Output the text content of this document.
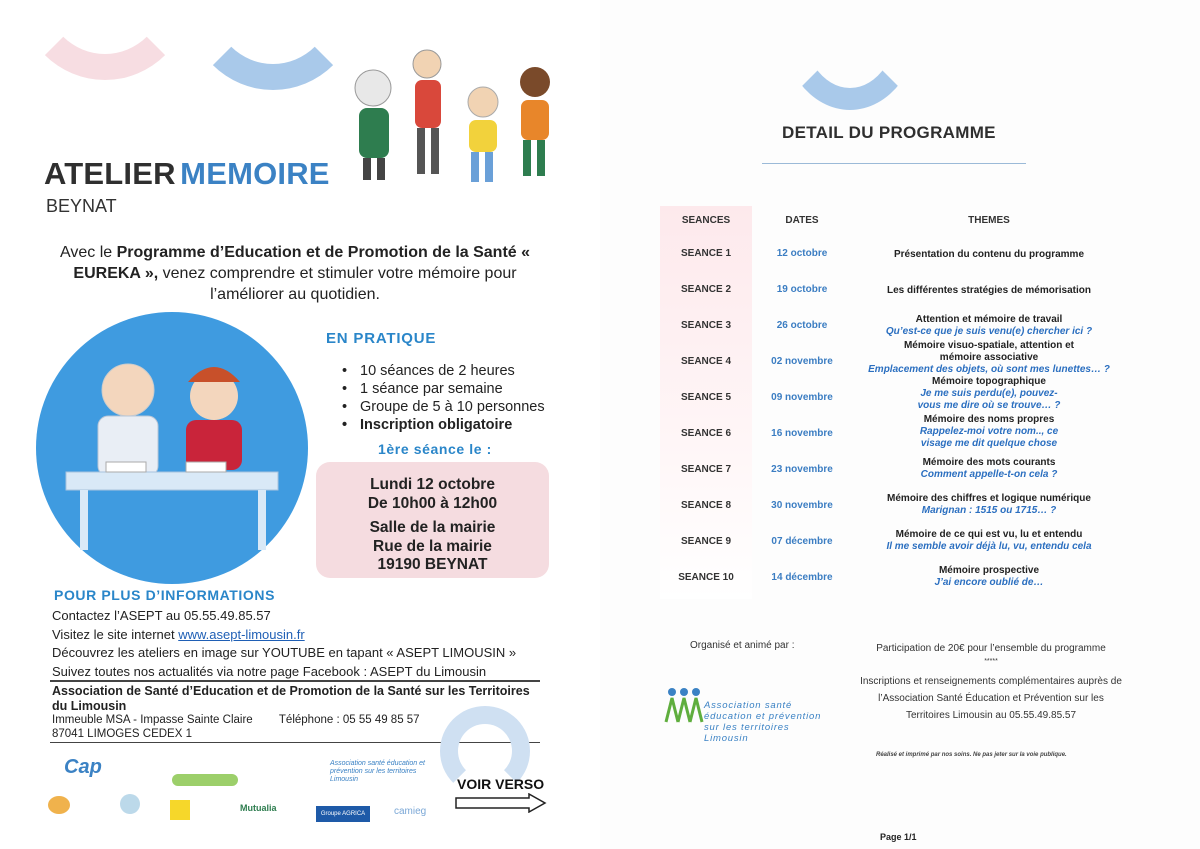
ATELIER MEMOIRE
BEYNAT
Avec le Programme d’Education et de Promotion de la Santé « EUREKA », venez comprendre et stimuler votre mémoire pour l’améliorer au quotidien.
EN PRATIQUE
• 10 séances de 2 heures
• 1 séance par semaine
• Groupe de 5 à 10 personnes
• Inscription obligatoire
1ère séance le :
Lundi 12 octobre
De 10h00 à 12h00
Salle de la mairie
Rue de la mairie
19190 BEYNAT
POUR PLUS D’INFORMATIONS
Contactez l’ASEPT au 05.55.49.85.57
Visitez le site internet www.asept-limousin.fr
Découvrez les ateliers en image sur YOUTUBE en tapant « ASEPT LIMOUSIN »
Suivez toutes nos actualités via notre page Facebook : ASEPT du Limousin
Association de Santé d’Education et de Promotion de la Santé sur les Territoires du Limousin
Immeuble MSA - Impasse Sainte Claire Téléphone : 05 55 49 85 57
87041 LIMOGES CEDEX 1
Cap
Mutualia
Association santé éducation et prévention sur les territoires Limousin
Groupe AGRICA	camieg
VOIR VERSO
DETAIL DU PROGRAMME
SEANCES	DATES	THEMES
SEANCE 1	12 octobre	Présentation du contenu du programme
SEANCE 2	19 octobre	Les différentes stratégies de mémorisation
SEANCE 3	26 octobre
Attention et mémoire de travail
Qu’est-ce que je suis venu(e) chercher ici ?
SEANCE 4	02 novembre
Mémoire visuo-spatiale, attention et mémoire associative
Emplacement des objets, où sont mes lunettes… ?
SEANCE 5	09 novembre
Mémoire topographique
Je me suis perdu(e), pouvez-vous me dire où se trouve… ?
SEANCE 6	16 novembre
Mémoire des noms propres
Rappelez-moi votre nom.., ce visage me dit quelque chose
SEANCE 7	23 novembre
Mémoire des mots courants
Comment appelle-t-on cela ?
SEANCE 8	30 novembre
Mémoire des chiffres et logique numérique
Marignan : 1515 ou 1715… ?
SEANCE 9	07 décembre
Mémoire de ce qui est vu, lu et entendu
Il me semble avoir déjà lu, vu, entendu cela
SEANCE 10	14 décembre
Mémoire prospective
J’ai encore oublié de…
Organisé et animé par :
Association santé éducation et prévention sur les territoires Limousin
Participation de 20€ pour l’ensemble du programme
*****
Inscriptions et renseignements complémentaires auprès de l’Association Santé Éducation et Prévention sur les Territoires Limousin au 05.55.49.85.57
Réalisé et imprimé par nos soins. Ne pas jeter sur la voie publique.
Page 1/1
